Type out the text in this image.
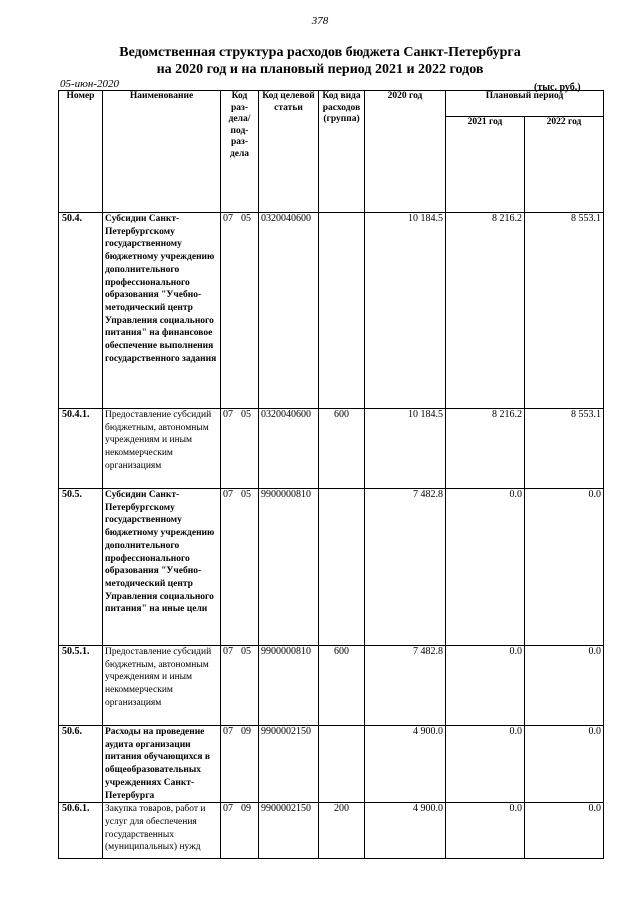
378
Ведомственная структура расходов бюджета Санкт-Петербурга
на 2020 год и на плановый период 2021 и 2022 годов
05-июн-2020	(тыс. руб.)
Номер	Наименование	Код раз-дела/ под-раз-дела	Код целевой статьи	Код вида расходов (группа)	2020 год	Плановый период	
						2021 год	2022 год
50.4.	Субсидии Санкт-Петербургскому государственному бюджетному учреждению дополнительного профессионального образования "Учебно-методический центр Управления социального питания" на финансовое обеспечение выполнения государственного задания	07 05	0320040600		10 184.5	8 216.2	8 553.1
50.4.1.	Предоставление субсидий бюджетным, автономным учреждениям и иным некоммерческим организациям	07 05	0320040600	600	10 184.5	8 216.2	8 553.1
50.5.	Субсидии Санкт-Петербургскому государственному бюджетному учреждению дополнительного профессионального образования "Учебно-методический центр Управления социального питания" на иные цели	07 05	9900000810		7 482.8	0.0	0.0
50.5.1.	Предоставление субсидий бюджетным, автономным учреждениям и иным некоммерческим организациям	07 05	9900000810	600	7 482.8	0.0	0.0
50.6.	Расходы на проведение аудита организации питания обучающихся в общеобразовательных учреждениях Санкт-Петербурга	07 09	9900002150		4 900.0	0.0	0.0
50.6.1.	Закупка товаров, работ и услуг для обеспечения государственных (муниципальных) нужд	07 09	9900002150	200	4 900.0	0.0	0.0
